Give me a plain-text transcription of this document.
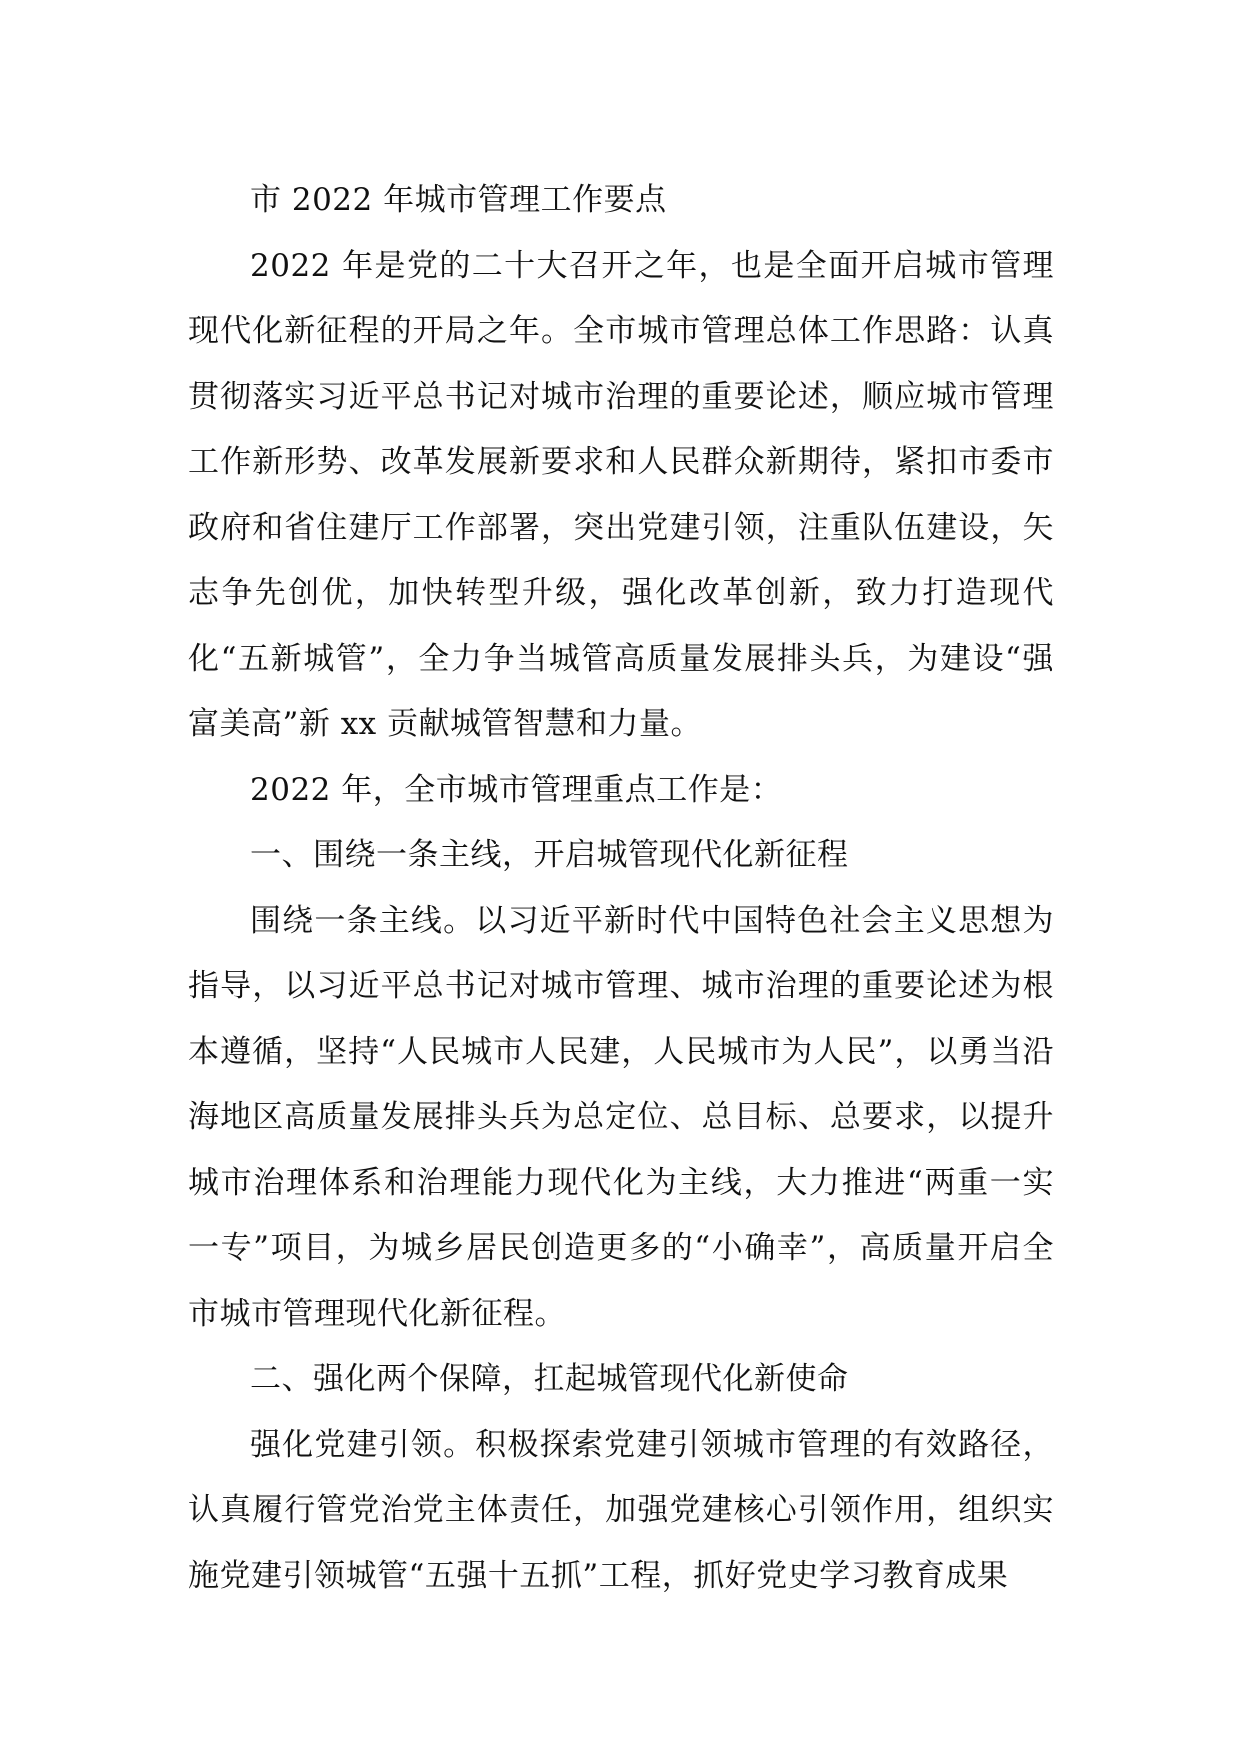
市 2022 年城市管理工作要点

2022 年是党的二十大召开之年，也是全面开启城市管理现代化新征程的开局之年。全市城市管理总体工作思路：认真贯彻落实习近平总书记对城市治理的重要论述，顺应城市管理工作新形势、改革发展新要求和人民群众新期待，紧扣市委市政府和省住建厅工作部署，突出党建引领，注重队伍建设，矢志争先创优，加快转型升级，强化改革创新，致力打造现代化“五新城管”，全力争当城管高质量发展排头兵，为建设“强富美高”新 xx 贡献城管智慧和力量。

2022 年，全市城市管理重点工作是：

一、围绕一条主线，开启城管现代化新征程

围绕一条主线。以习近平新时代中国特色社会主义思想为指导，以习近平总书记对城市管理、城市治理的重要论述为根本遵循，坚持“人民城市人民建，人民城市为人民”，以勇当沿海地区高质量发展排头兵为总定位、总目标、总要求，以提升城市治理体系和治理能力现代化为主线，大力推进“两重一实一专”项目，为城乡居民创造更多的“小确幸”，高质量开启全市城市管理现代化新征程。

二、强化两个保障，扛起城管现代化新使命

强化党建引领。积极探索党建引领城市管理的有效路径，认真履行管党治党主体责任，加强党建核心引领作用，组织实施党建引领城管“五强十五抓”工程，抓好党史学习教育成果
